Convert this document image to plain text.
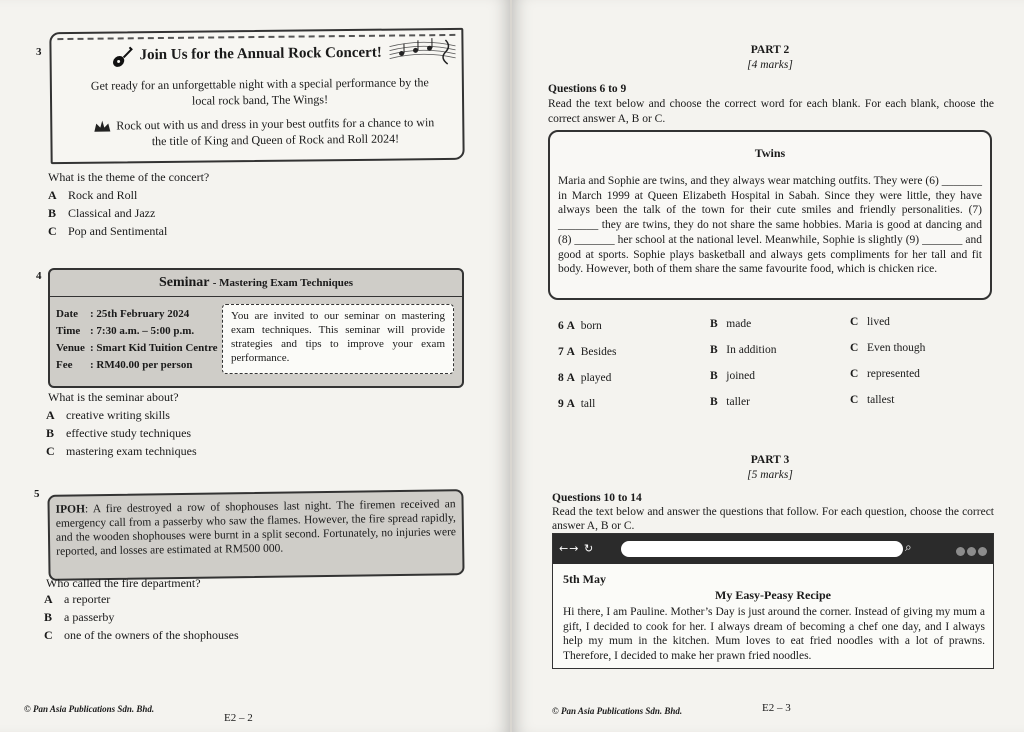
3	Join Us for the Annual Rock Concert!
Get ready for an unforgettable night with a special performance by the local rock band, The Wings!
Rock out with us and dress in your best outfits for a chance to win the title of King and Queen of Rock and Roll 2024!
What is the theme of the concert?
A Rock and Roll
B Classical and Jazz
C Pop and Sentimental
4	Seminar - Mastering Exam Techniques
Date : 25th February 2024
Time : 7:30 a.m. – 5:00 p.m.
Venue : Smart Kid Tuition Centre
Fee : RM40.00 per person
You are invited to our seminar on mastering exam techniques. This seminar will provide strategies and tips to improve your exam performance.
What is the seminar about?
A creative writing skills
B effective study techniques
C mastering exam techniques
5
IPOH: A fire destroyed a row of shophouses last night. The firemen received an emergency call from a passerby who saw the flames. However, the fire spread rapidly, and the wooden shophouses were burnt in a split second. Fortunately, no injuries were reported, and losses are estimated at RM500 000.
Who called the fire department?
A a reporter
B a passerby
C one of the owners of the shophouses
© Pan Asia Publications Sdn. Bhd.
E2 – 2
PART 2
[4 marks]
Questions 6 to 9
Read the text below and choose the correct word for each blank. For each blank, choose the correct answer A, B or C.
Twins
Maria and Sophie are twins, and they always wear matching outfits. They were (6) _______ in March 1999 at Queen Elizabeth Hospital in Sabah. Since they were little, they have always been the talk of the town for their cute smiles and friendly personalities. (7) _______ they are twins, they do not share the same hobbies. Maria is good at dancing and (8) _______ her school at the national level. Meanwhile, Sophie is slightly (9) _______ and good at sports. Sophie plays basketball and always gets compliments for her tall and fit body. However, both of them share the same favourite food, which is chicken rice.
6 A born	B made	C lived
7 A Besides	B In addition	C Even though
8 A played	B joined	C represented
9 A tall	B taller	C tallest
PART 3
[5 marks]
Questions 10 to 14
Read the text below and answer the questions that follow. For each question, choose the correct answer A, B or C.
←→ ↻	⌕
5th May
My Easy-Peasy Recipe
Hi there, I am Pauline. Mother’s Day is just around the corner. Instead of giving my mum a gift, I decided to cook for her. I always dream of becoming a chef one day, and I always help my mum in the kitchen. Mum loves to eat fried noodles with a lot of prawns. Therefore, I decided to make her prawn fried noodles.
© Pan Asia Publications Sdn. Bhd.	E2 – 3
